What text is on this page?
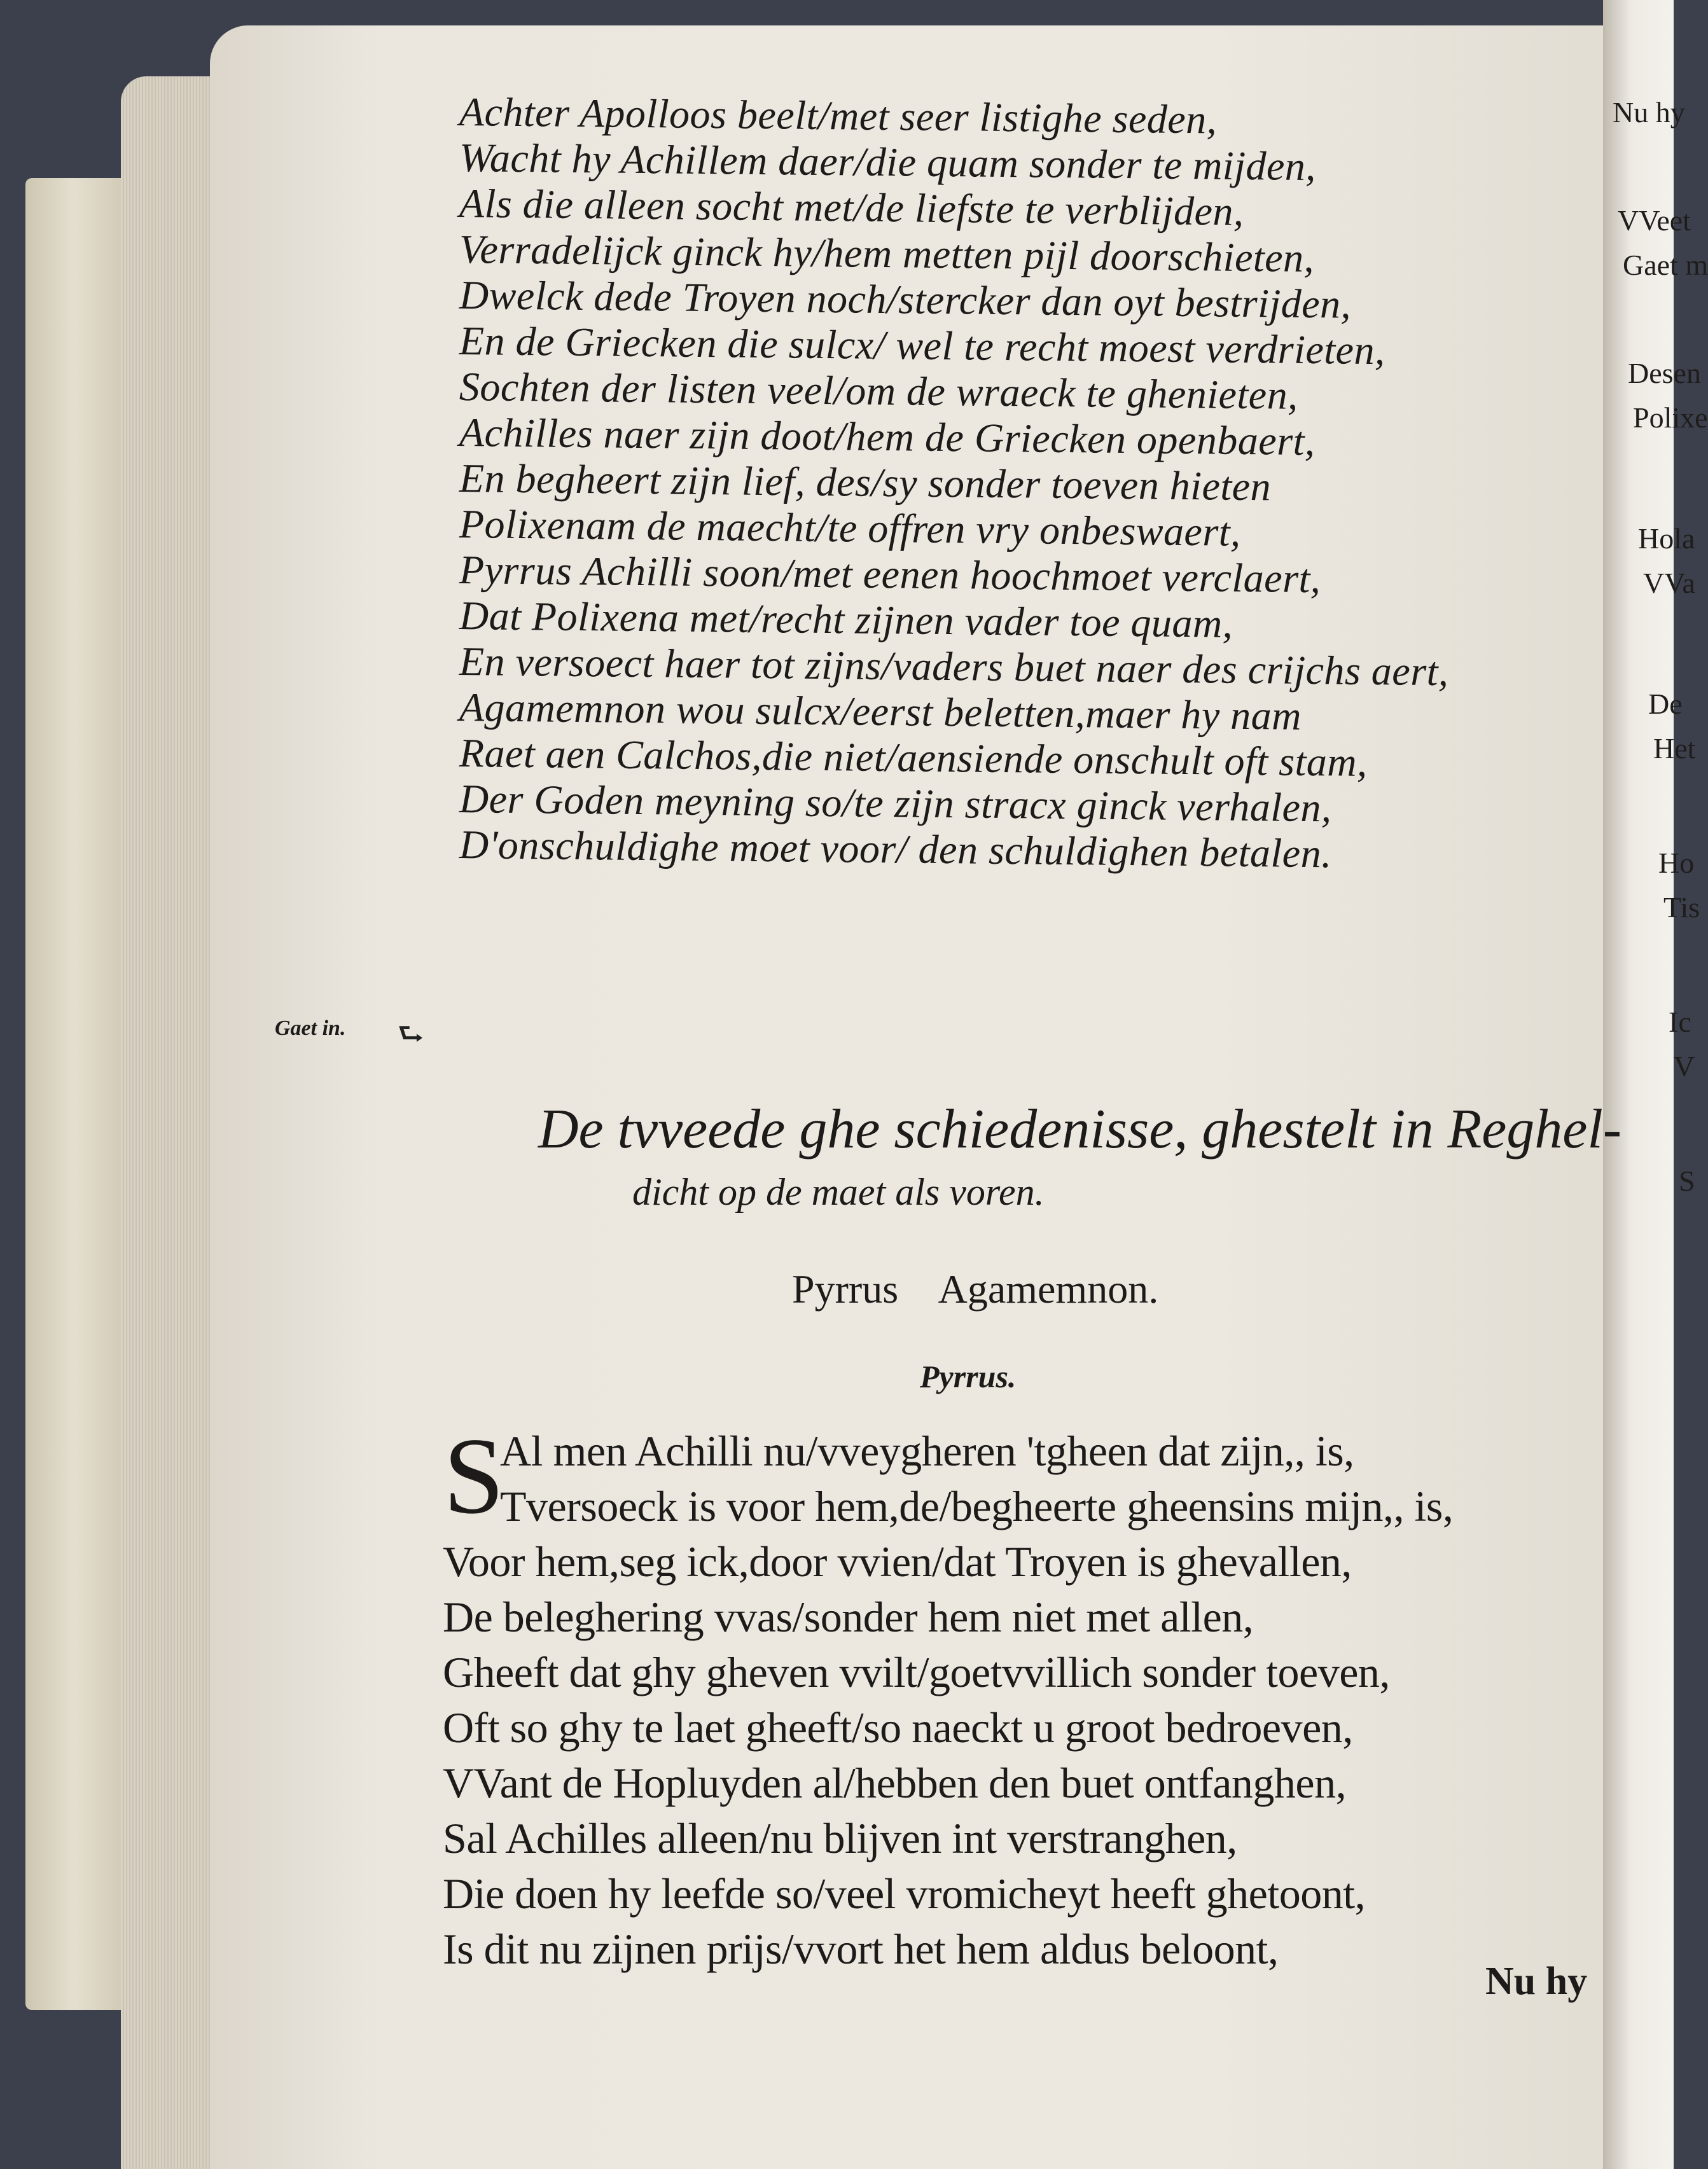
Achter Apolloos beelt/met seer listighe seden,
Wacht hy Achillem daer/die quam sonder te mijden,
Als die alleen socht met/de liefste te verblijden,
Verradelijck ginck hy/hem metten pijl doorschieten,
Dwelck dede Troyen noch/stercker dan oyt bestrijden,
En de Griecken die sulcx/ wel te recht moest verdrieten,
Sochten der listen veel/om de wraeck te ghenieten,
Achilles naer zijn doot/hem de Griecken openbaert,
En begheert zijn lief, des/sy sonder toeven hieten
Polixenam de maecht/te offren vry onbeswaert,
Pyrrus Achilli soon/met eenen hoochmoet verclaert,
Dat Polixena met/recht zijnen vader toe quam,
En versoect haer tot zijns/vaders buet naer des crijchs aert,
Agamemnon wou sulcx/eerst beletten,maer hy nam
Raet aen Calchos,die niet/aensiende onschult oft stam,
Der Goden meyning so/te zijn stracx ginck verhalen,
D'onschuldighe moet voor/ den schuldighen betalen.
Gaet in. ⮑
De tvveede ghe schiedenisse, ghestelt in Reghel-
dicht op de maet als voren.
Pyrrus Agamemnon.
Pyrrus.
S
Al men Achilli nu/vveygheren 'tgheen dat zijn,, is,
Tversoeck is voor hem,de/begheerte gheensins mijn,, is,
Voor hem,seg ick,door vvien/dat Troyen is ghevallen,
De beleghering vvas/sonder hem niet met allen,
Gheeft dat ghy gheven vvilt/goetvvillich sonder toeven,
Oft so ghy te laet gheeft/so naeckt u groot bedroeven,
VVant de Hopluyden al/hebben den buet ontfanghen,
Sal Achilles alleen/nu blijven int verstranghen,
Die doen hy leefde so/veel vromicheyt heeft ghetoont,
Is dit nu zijnen prijs/vvort het hem aldus beloont,
Nu hy
Nu hy
VVeet
Gaet m
Desen
Polixe
Hola
VVa
De
Het
Ho
Tis
Ic
V
S
